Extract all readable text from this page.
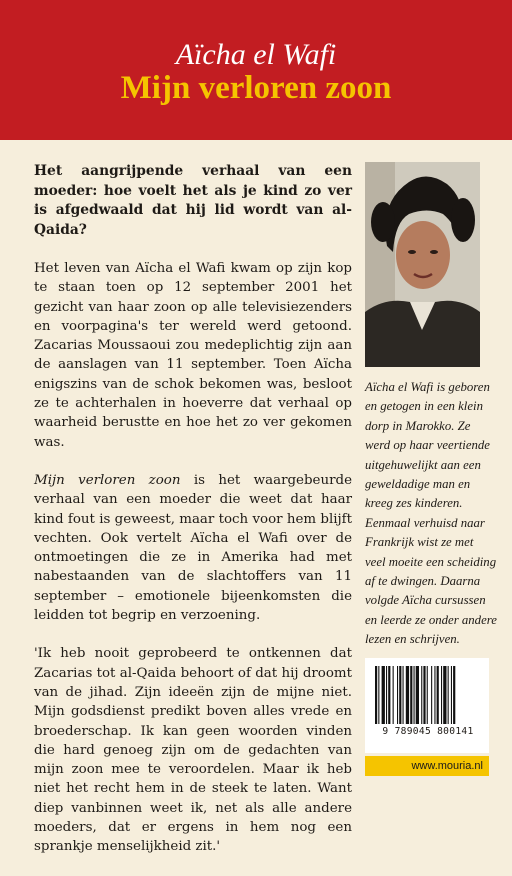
Aïcha el Wafi
Mijn verloren zoon

Het aangrijpende verhaal van een moeder: hoe voelt het als je kind zo ver is afgedwaald dat hij lid wordt van al-Qaida?

Het leven van Aïcha el Wafi kwam op zijn kop te staan toen op 12 september 2001 het gezicht van haar zoon op alle televisiezenders en voorpagina's ter wereld werd getoond. Zacarias Moussaoui zou medeplichtig zijn aan de aanslagen van 11 september. Toen Aïcha enigszins van de schok bekomen was, besloot ze te achterhalen in hoeverre dat verhaal op waarheid berustte en hoe het zo ver gekomen was.

Mijn verloren zoon is het waargebeurde verhaal van een moeder die weet dat haar kind fout is geweest, maar toch voor hem blijft vechten. Ook vertelt Aïcha el Wafi over de ontmoetingen die ze in Amerika had met nabestaanden van de slachtoffers van 11 september – emotionele bijeenkomsten die leidden tot begrip en verzoening.

'Ik heb nooit geprobeerd te ontkennen dat Zacarias tot al-Qaida behoort of dat hij droomt van de jihad. Zijn ideeën zijn de mijne niet. Mijn godsdienst predikt boven alles vrede en broederschap. Ik kan geen woorden vinden die hard genoeg zijn om de gedachten van mijn zoon mee te veroordelen. Maar ik heb niet het recht hem in de steek te laten. Want diep vanbinnen weet ik, net als alle andere moeders, dat er ergens in hem nog een sprankje menselijkheid zit.'

Aïcha el Wafi is geboren en getogen in een klein dorp in Marokko. Ze werd op haar veertiende uitgehuwelijkt aan een geweldadige man en kreeg zes kinderen. Eenmaal verhuisd naar Frankrijk wist ze met veel moeite een scheiding af te dwingen. Daarna volgde Aïcha cursussen en leerde ze onder andere lezen en schrijven.
9 789045 800141
www.mouria.nl
